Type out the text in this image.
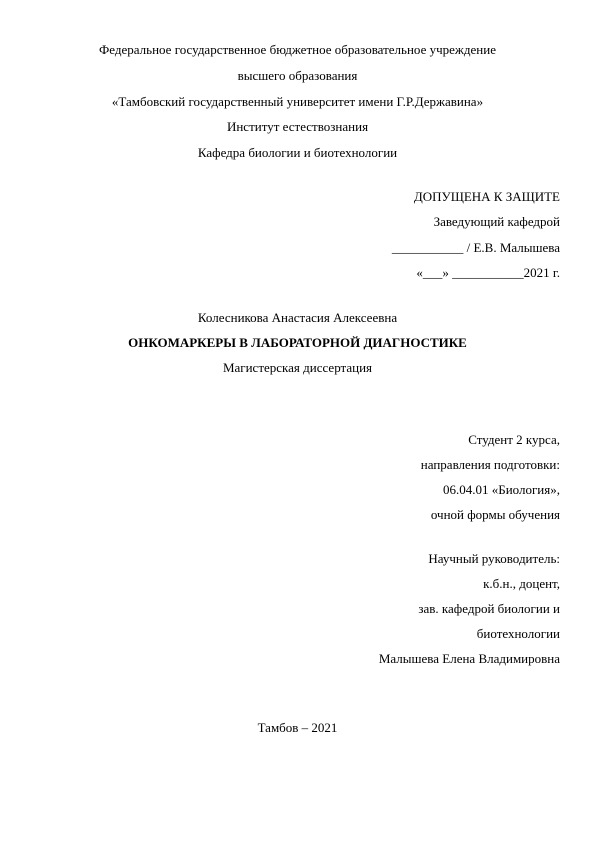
Федеральное государственное бюджетное образовательное учреждение
высшего образования
«Тамбовский государственный университет имени Г.Р.Державина»
Институт естествознания
Кафедра биологии и биотехнологии
ДОПУЩЕНА К ЗАЩИТЕ
Заведующий кафедрой
___________ / Е.В. Малышева
«___» ___________2021 г.
Колесникова Анастасия Алексеевна
ОНКОМАРКЕРЫ В ЛАБОРАТОРНОЙ ДИАГНОСТИКЕ
Магистерская диссертация
Студент 2 курса,
направления подготовки:
06.04.01 «Биология»,
очной формы обучения
Научный руководитель:
к.б.н., доцент,
зав. кафедрой биологии и
биотехнологии
Малышева Елена Владимировна
Тамбов – 2021
